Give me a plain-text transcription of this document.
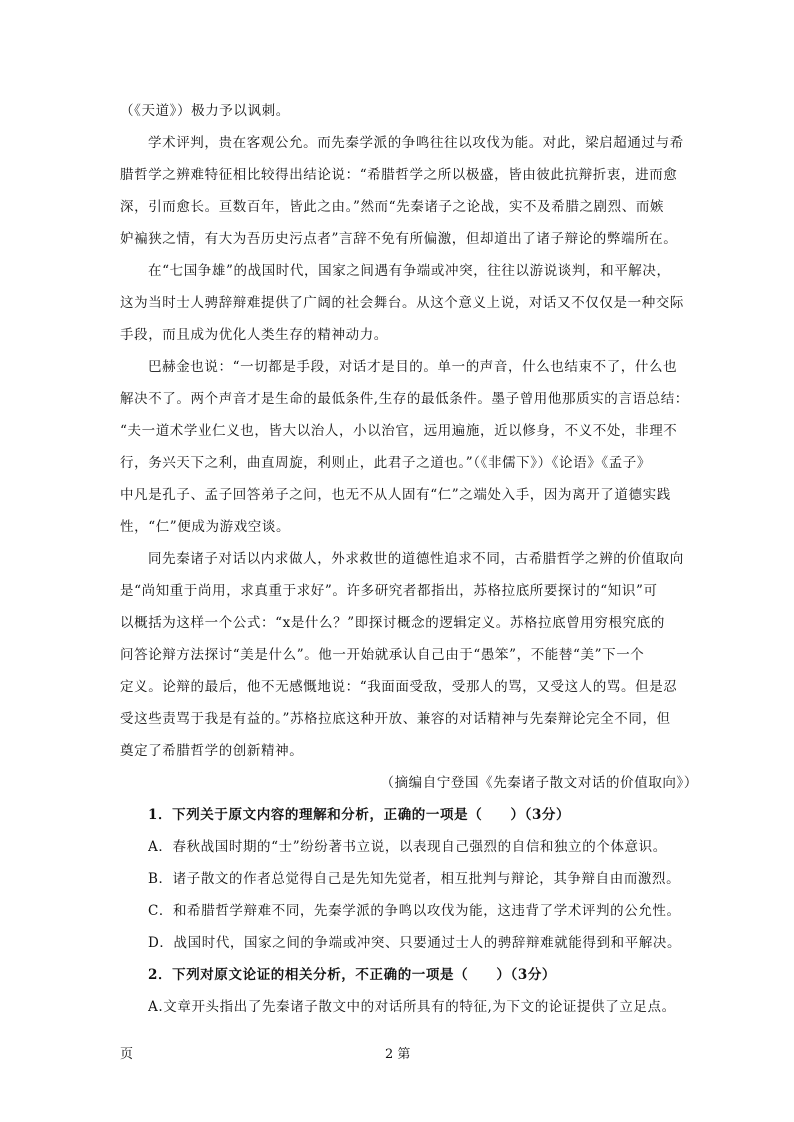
（《天道》）极力予以讽刺。
学术评判，贵在客观公允。而先秦学派的争鸣往往以攻伐为能。对此，梁启超通过与希
腊哲学之辨难特征相比较得出结论说：“希腊哲学之所以极盛，皆由彼此抗辩折衷，进而愈
深，引而愈长。亘数百年，皆此之由。”然而“先秦诸子之论战，实不及希腊之剧烈、而嫉
妒褊狭之情，有大为吾历史污点者”言辞不免有所偏激，但却道出了诸子辩论的弊端所在。
在“七国争雄”的战国时代，国家之间遇有争端或冲突，往往以游说谈判，和平解决，
这为当时士人骋辞辩难提供了广阔的社会舞台。从这个意义上说，对话又不仅仅是一种交际
手段，而且成为优化人类生存的精神动力。
巴赫金也说：“一切都是手段，对话才是目的。单一的声音，什么也结束不了，什么也
解决不了。两个声音才是生命的最低条件,生存的最低条件。墨子曾用他那质实的言语总结：
“夫一道术学业仁义也，皆大以治人，小以治官，远用遍施，近以修身，不义不处，非理不
行，务兴天下之利，曲直周旋，利则止，此君子之道也。”（《非儒下》）《论语》《孟子》
中凡是孔子、孟子回答弟子之问，也无不从人固有“仁”之端处入手，因为离开了道德实践
性，“仁”便成为游戏空谈。
同先秦诸子对话以内求做人，外求救世的道德性追求不同，古希腊哲学之辨的价值取向
是“尚知重于尚用，求真重于求好”。许多研究者都指出，苏格拉底所要探讨的“知识”可
以概括为这样一个公式：“x是什么？”即探讨概念的逻辑定义。苏格拉底曾用穷根究底的
问答论辩方法探讨“美是什么”。他一开始就承认自己由于“愚笨”，不能替“美”下一个
定义。论辩的最后，他不无感慨地说：“我面面受敌，受那人的骂，又受这人的骂。但是忍
受这些责骂于我是有益的。”苏格拉底这种开放、兼容的对话精神与先秦辩论完全不同，但
奠定了希腊哲学的创新精神。
（摘编自宁登国《先秦诸子散文对话的价值取向》）
1．下列关于原文内容的理解和分析，正确的一项是（　　）（3分）
A．春秋战国时期的“士”纷纷著书立说，以表现自己强烈的自信和独立的个体意识。
B．诸子散文的作者总觉得自己是先知先觉者，相互批判与辩论，其争辩自由而激烈。
C．和希腊哲学辩难不同，先秦学派的争鸣以攻伐为能，这违背了学术评判的公允性。
D．战国时代，国家之间的争端或冲突、只要通过士人的骋辞辩难就能得到和平解决。
2．下列对原文论证的相关分析，不正确的一项是（　　）（3分）
A.文章开头指出了先秦诸子散文中的对话所具有的特征,为下文的论证提供了立足点。
页	2 第
